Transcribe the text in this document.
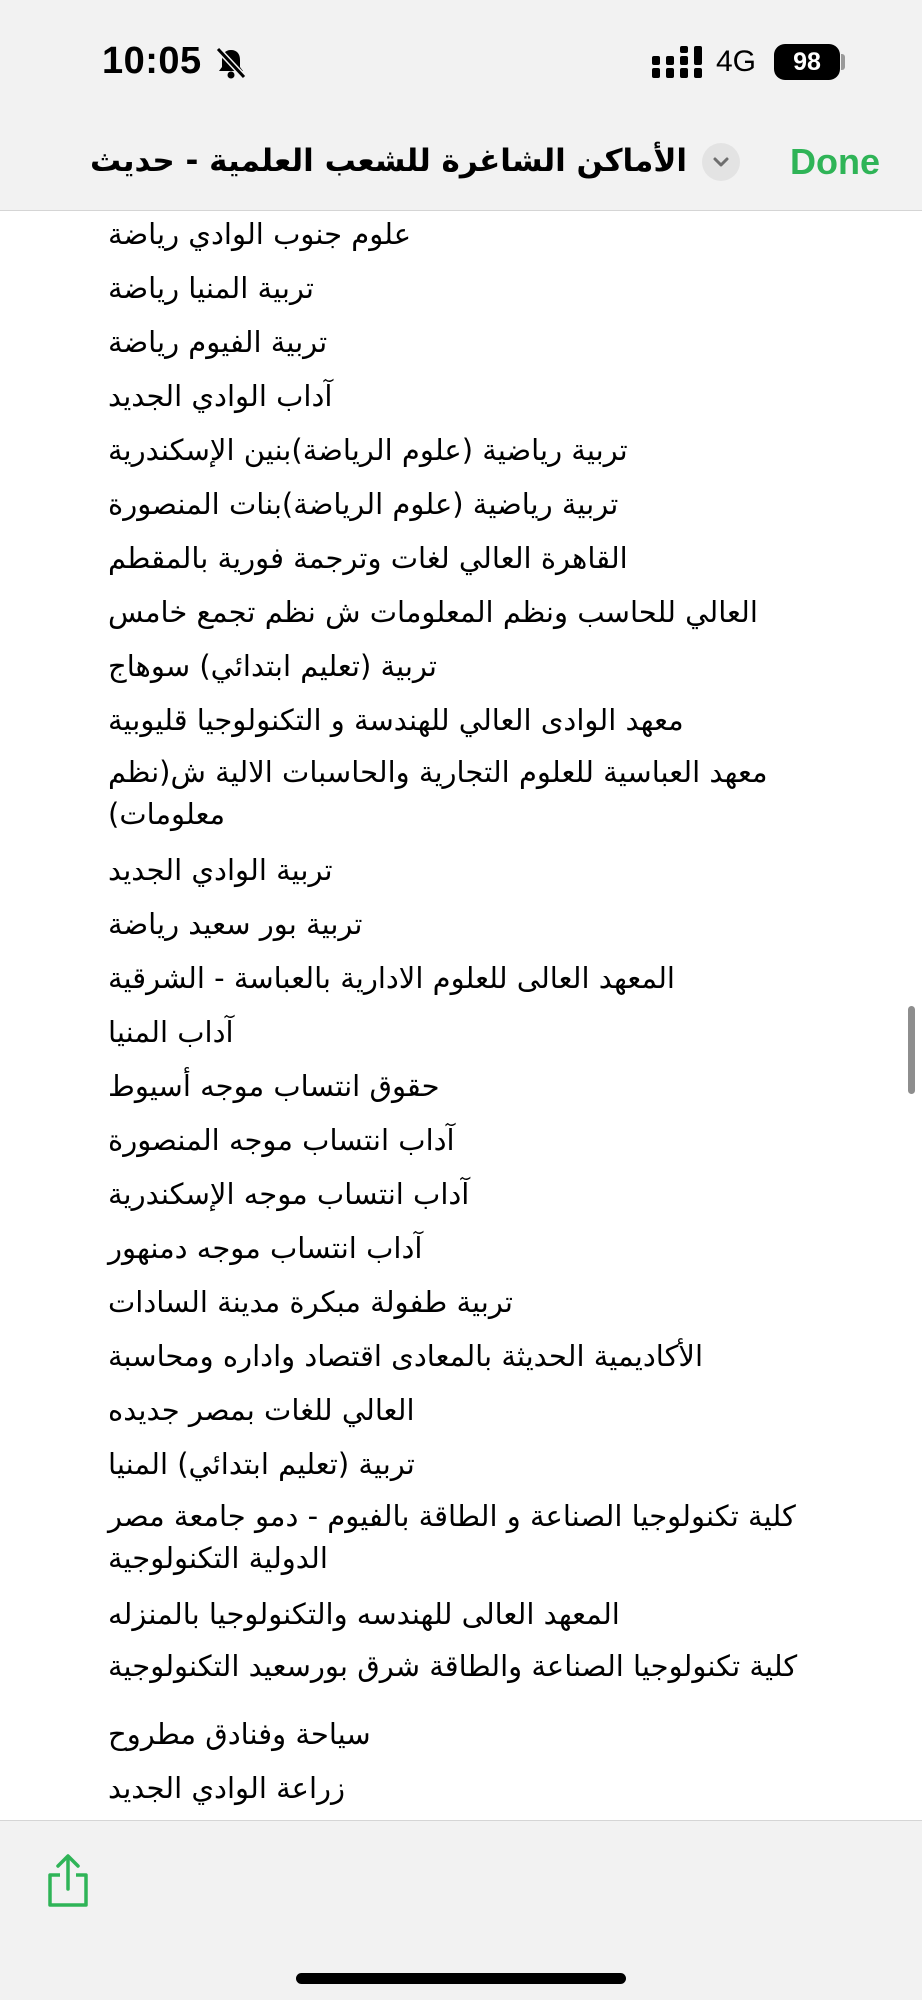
10:05	4G	98
الأماكن الشاغرة للشعب العلمية - حديث	Done
علوم جنوب الوادي رياضة
تربية المنيا رياضة
تربية الفيوم رياضة
آداب الوادي الجديد
تربية رياضية (علوم الرياضة)بنين الإسكندرية
تربية رياضية (علوم الرياضة)بنات المنصورة
القاهرة العالي لغات وترجمة فورية بالمقطم
العالي للحاسب ونظم المعلومات ش نظم تجمع خامس
تربية (تعليم ابتدائي) سوهاج
معهد الوادى العالي للهندسة و التكنولوجيا قليوبية
معهد العباسية للعلوم التجارية والحاسبات الالية ش(نظم معلومات)
تربية الوادي الجديد
تربية بور سعيد رياضة
المعهد العالى للعلوم الادارية بالعباسة - الشرقية
آداب المنيا
حقوق انتساب موجه أسيوط
آداب انتساب موجه المنصورة
آداب انتساب موجه الإسكندرية
آداب انتساب موجه دمنهور
تربية طفولة مبكرة مدينة السادات
الأكاديمية الحديثة بالمعادى اقتصاد واداره ومحاسبة
العالي للغات بمصر جديده
تربية (تعليم ابتدائي) المنيا
كلية تكنولوجيا الصناعة و الطاقة بالفيوم - دمو جامعة مصر الدولية التكنولوجية
المعهد العالى للهندسه والتكنولوجيا بالمنزله
كلية تكنولوجيا الصناعة والطاقة شرق بورسعيد التكنولوجية
سياحة وفنادق مطروح
زراعة الوادي الجديد
